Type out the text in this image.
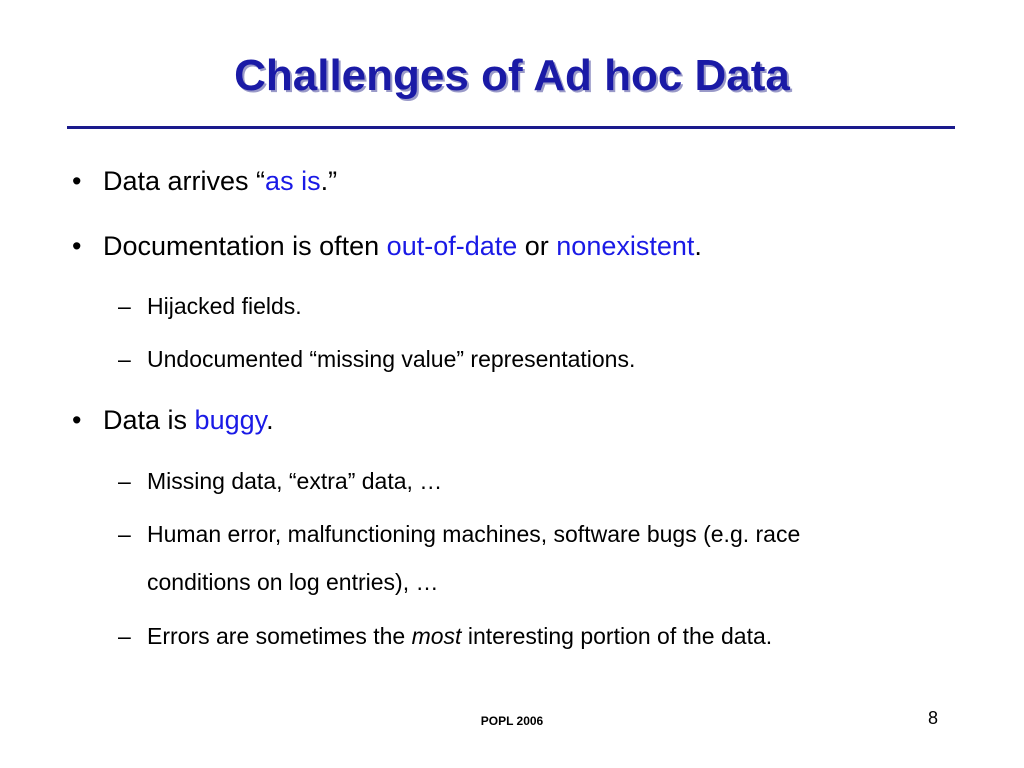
Challenges of Ad hoc Data
• Data arrives “as is.”
• Documentation is often out-of-date or nonexistent.
– Hijacked fields.
– Undocumented “missing value” representations.
• Data is buggy.
– Missing data, “extra” data, …
– Human error, malfunctioning machines, software bugs (e.g. race
conditions on log entries), …
– Errors are sometimes the most interesting portion of the data.
POPL 2006	8
